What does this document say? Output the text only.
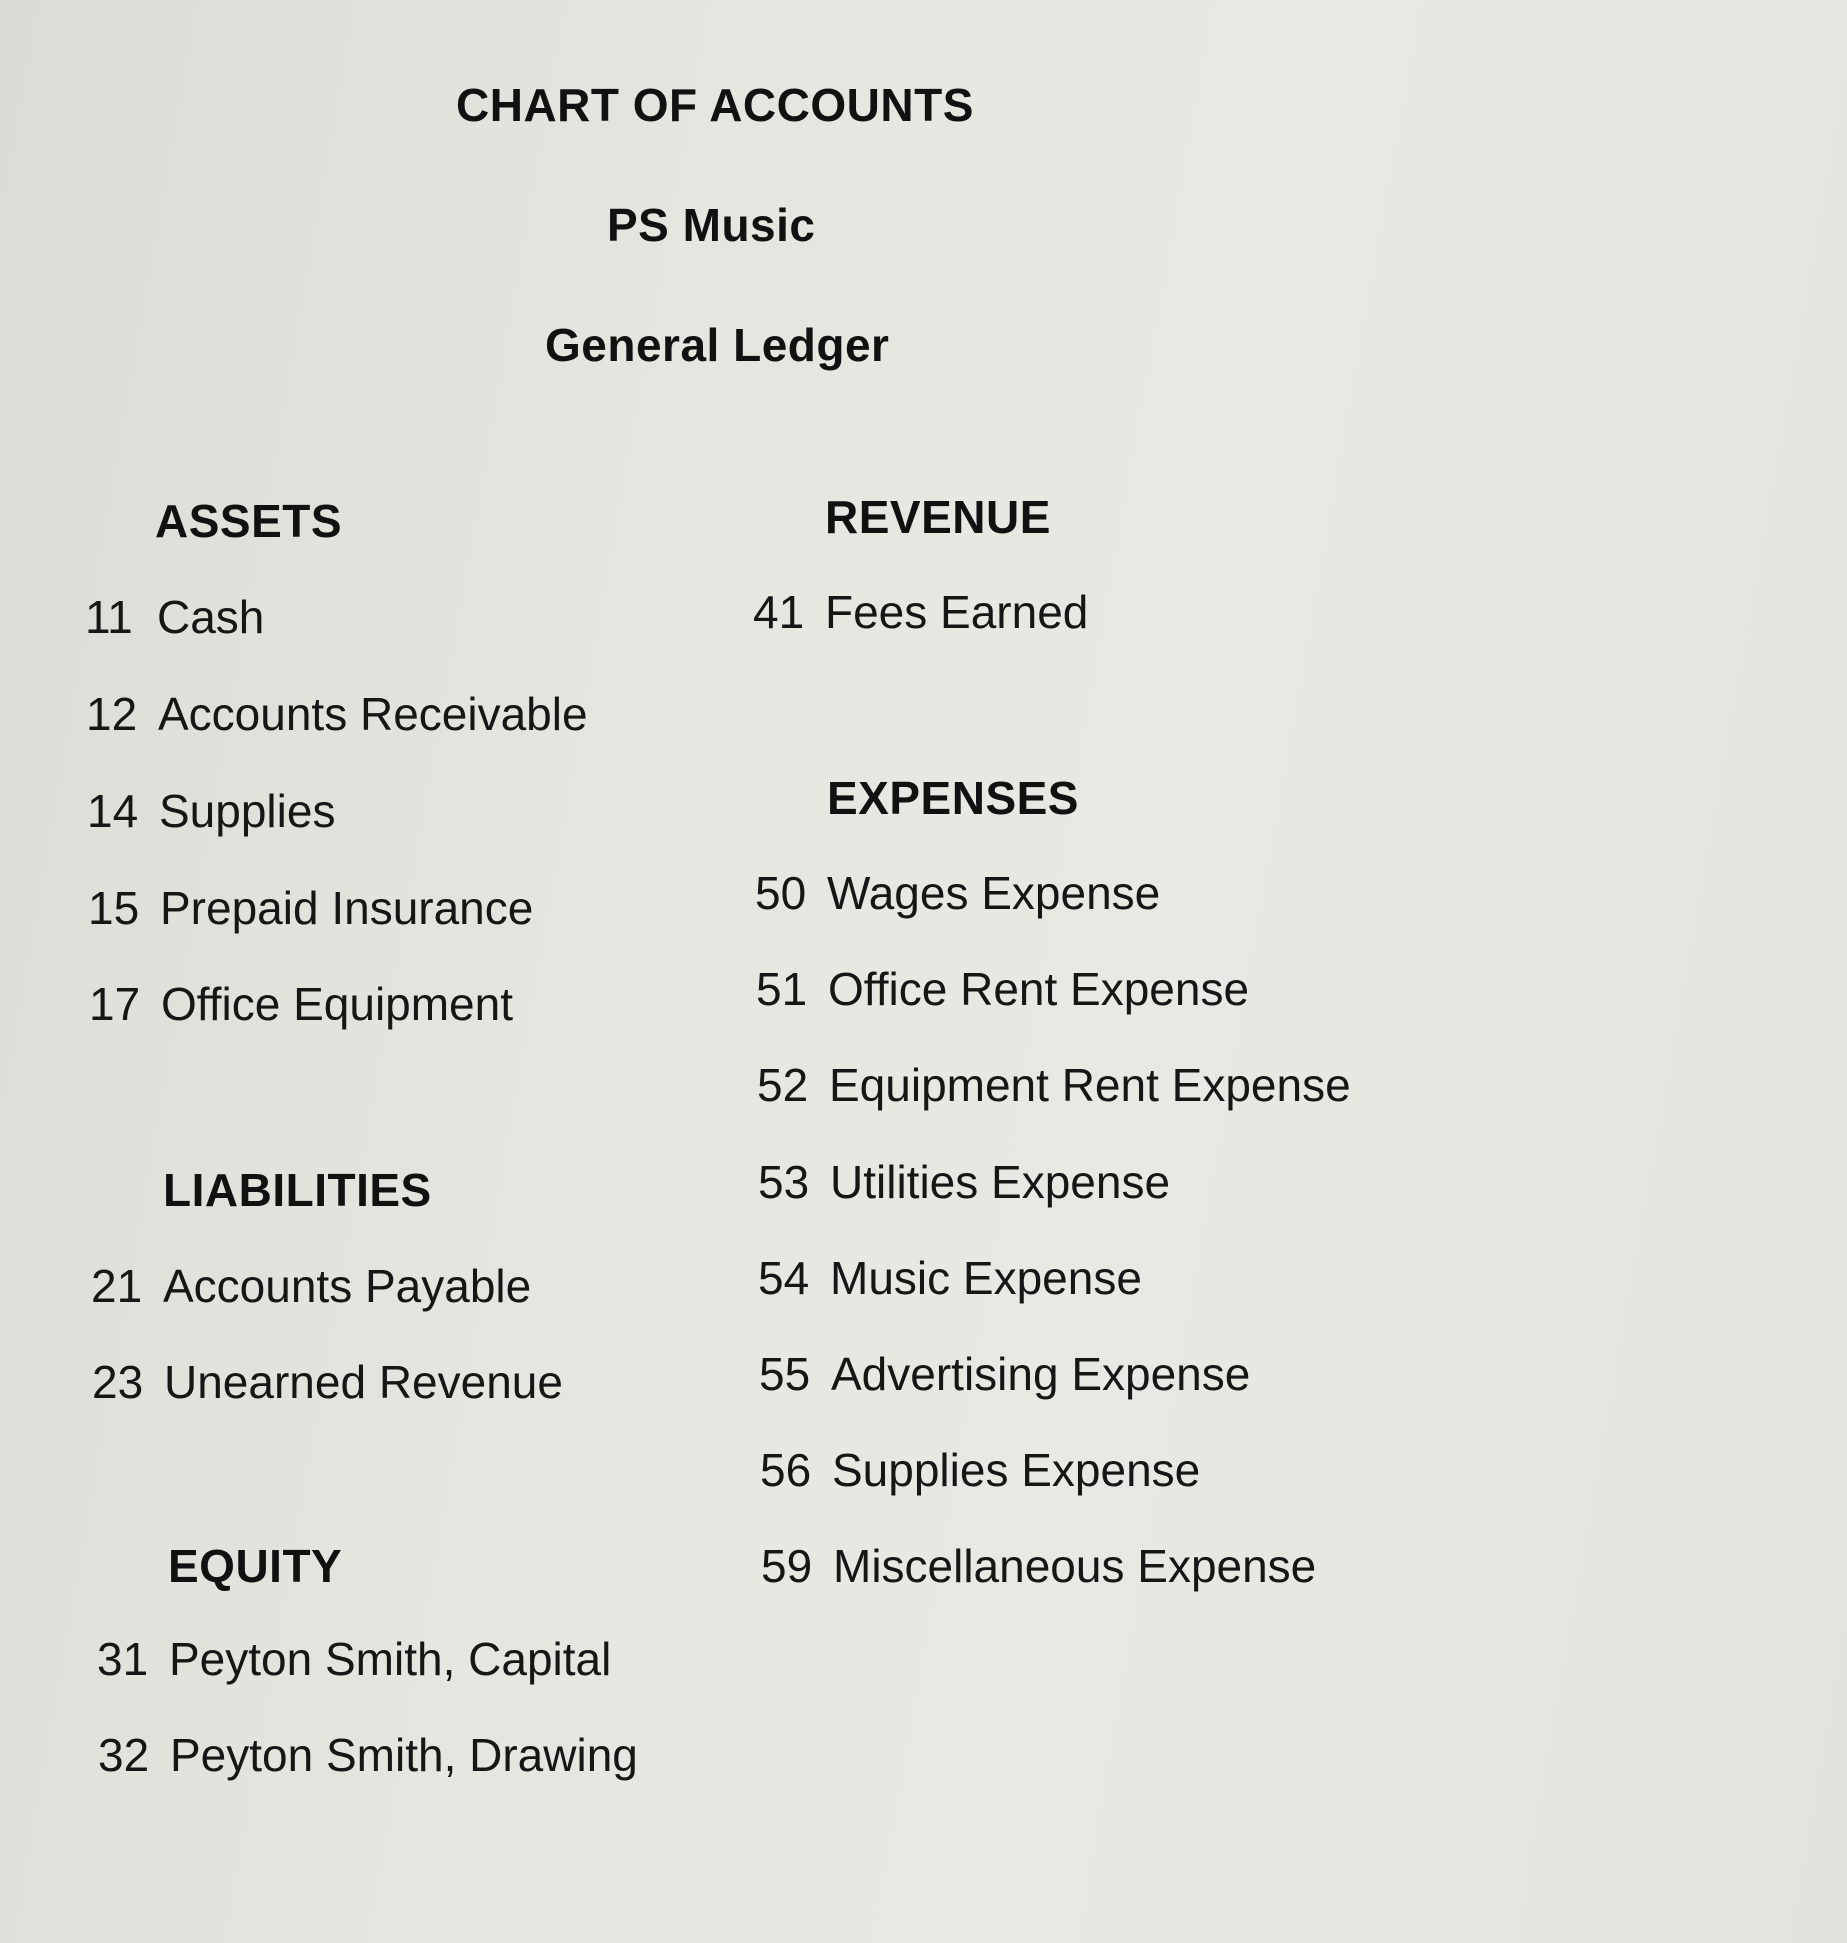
CHART OF ACCOUNTS
PS Music
General Ledger
ASSETS
11 Cash
12 Accounts Receivable
14 Supplies
15 Prepaid Insurance
17 Office Equipment
LIABILITIES
21 Accounts Payable
23 Unearned Revenue
EQUITY
31 Peyton Smith, Capital
32 Peyton Smith, Drawing
REVENUE
41 Fees Earned
EXPENSES
50 Wages Expense
51 Office Rent Expense
52 Equipment Rent Expense
53 Utilities Expense
54 Music Expense
55 Advertising Expense
56 Supplies Expense
59 Miscellaneous Expense
